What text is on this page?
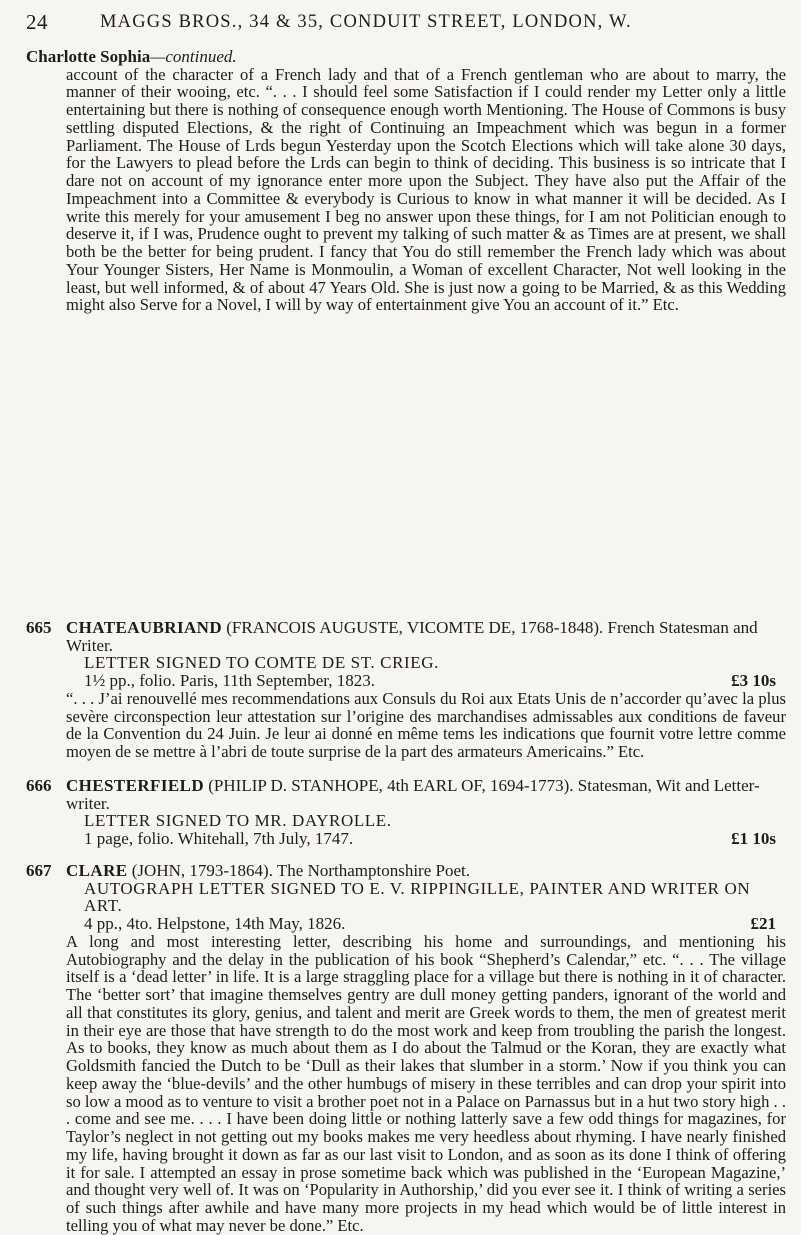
24	MAGGS BROS., 34 & 35, CONDUIT STREET, LONDON, W.
Charlotte Sophia—continued.

account of the character of a French lady and that of a French gentleman who are about to marry, the manner of their wooing, etc. “. . . I should feel some Satisfaction if I could render my Letter only a little entertaining but there is nothing of consequence enough worth Mentioning. The House of Commons is busy settling disputed Elections, & the right of Continuing an Impeachment which was begun in a former Parliament. The House of Lrds begun Yesterday upon the Scotch Elections which will take alone 30 days, for the Lawyers to plead before the Lrds can begin to think of deciding. This business is so intricate that I dare not on account of my ignorance enter more upon the Subject. They have also put the Affair of the Impeachment into a Committee & everybody is Curious to know in what manner it will be decided. As I write this merely for your amusement I beg no answer upon these things, for I am not Politician enough to deserve it, if I was, Prudence ought to prevent my talking of such matter & as Times are at present, we shall both be the better for being prudent. I fancy that You do still remember the French lady which was about Your Younger Sisters, Her Name is Monmoulin, a Woman of excellent Character, Not well looking in the least, but well informed, & of about 47 Years Old. She is just now a going to be Married, & as this Wedding might also Serve for a Novel, I will by way of entertainment give You an account of it.” Etc.

665 CHATEAUBRIAND (FRANCOIS AUGUSTE, VICOMTE DE, 1768-1848). French Statesman and Writer.
LETTER SIGNED TO COMTE DE ST. CRIEG.
1½ pp., folio. Paris, 11th September, 1823.	£3 10s

“. . . J’ai renouvellé mes recommendations aux Consuls du Roi aux Etats Unis de n’accorder qu’avec la plus sevère circonspection leur attestation sur l’origine des marchandises admissables aux conditions de faveur de la Convention du 24 Juin. Je leur ai donné en même tems les indications que fournit votre lettre comme moyen de se mettre à l’abri de toute surprise de la part des armateurs Americains.” Etc.

666 CHESTERFIELD (PHILIP D. STANHOPE, 4th EARL OF, 1694-1773). Statesman, Wit and Letter-writer.
LETTER SIGNED TO MR. DAYROLLE.
1 page, folio. Whitehall, 7th July, 1747.	£1 10s
667 CLARE (JOHN, 1793-1864). The Northamptonshire Poet.
AUTOGRAPH LETTER SIGNED TO E. V. RIPPINGILLE, PAINTER AND WRITER ON ART.
4 pp., 4to. Helpstone, 14th May, 1826.	£21

A long and most interesting letter, describing his home and surroundings, and mentioning his Autobiography and the delay in the publication of his book “Shepherd’s Calendar,” etc. “. . . The village itself is a ‘dead letter’ in life. It is a large straggling place for a village but there is nothing in it of character. The ‘better sort’ that imagine themselves gentry are dull money getting panders, ignorant of the world and all that constitutes its glory, genius, and talent and merit are Greek words to them, the men of greatest merit in their eye are those that have strength to do the most work and keep from troubling the parish the longest. As to books, they know as much about them as I do about the Talmud or the Koran, they are exactly what Goldsmith fancied the Dutch to be ‘Dull as their lakes that slumber in a storm.’ Now if you think you can keep away the ‘blue-devils’ and the other humbugs of misery in these terribles and can drop your spirit into so low a mood as to venture to visit a brother poet not in a Palace on Parnassus but in a hut two story high . . . come and see me. . . . I have been doing little or nothing latterly save a few odd things for magazines, for Taylor’s neglect in not getting out my books makes me very heedless about rhyming. I have nearly finished my life, having brought it down as far as our last visit to London, and as soon as its done I think of offering it for sale. I attempted an essay in prose sometime back which was published in the ‘European Magazine,’ and thought very well of. It was on ‘Popularity in Authorship,’ did you ever see it. I think of writing a series of such things after awhile and have many more projects in my head which would be of little interest in telling you of what may never be done.” Etc.
